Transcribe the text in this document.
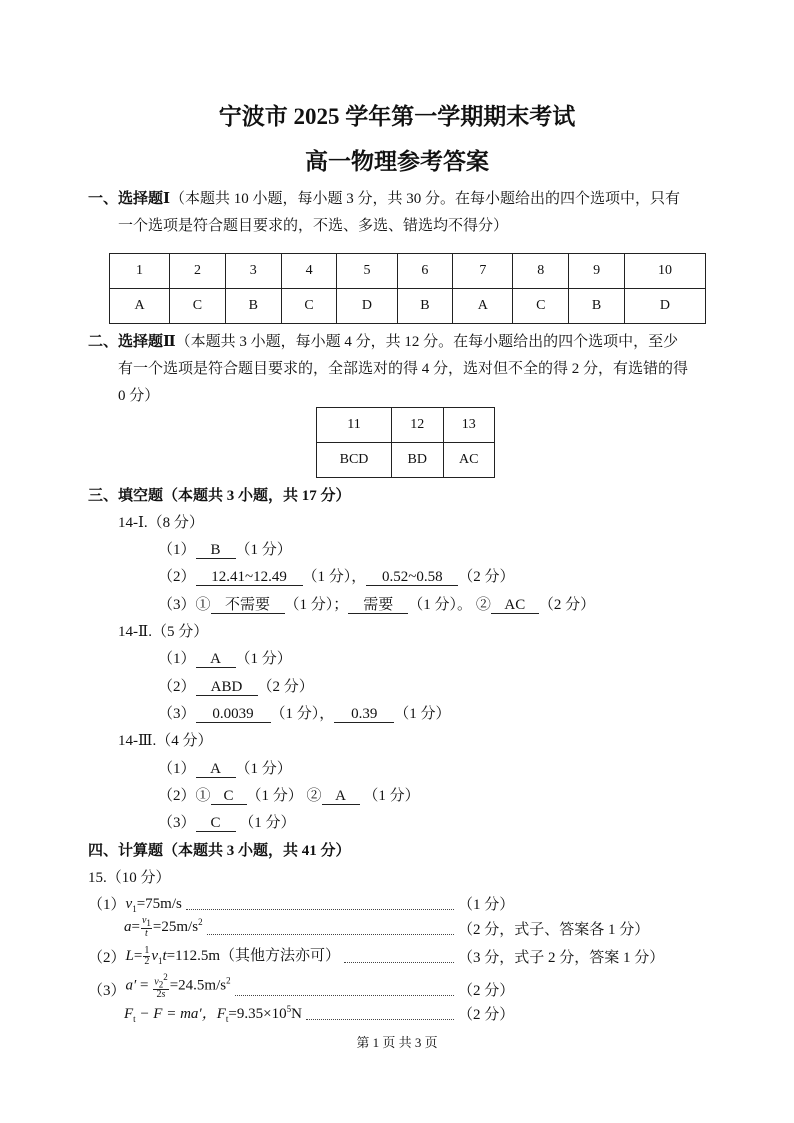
宁波市 2025 学年第一学期期末考试
高一物理参考答案
一、选择题Ⅰ（本题共 10 小题，每小题 3 分，共 30 分。在每小题给出的四个选项中，只有
一个选项是符合题目要求的，不选、多选、错选均不得分）
1	2	3	4	5	6	7	8	9	10
A	C	B	C	D	B	A	C	B	D
二、选择题Ⅱ（本题共 3 小题，每小题 4 分，共 12 分。在每小题给出的四个选项中，至少
有一个选项是符合题目要求的，全部选对的得 4 分，选对但不全的得 2 分，有选错的得
0 分）
11	12	13
BCD	BD	AC
三、填空题（本题共 3 小题，共 17 分）
14-Ⅰ.（8 分）
（1） B （1 分）
（2） 12.41~12.49 （1 分）， 0.52~0.58 （2 分）
（3）① 不需要 （1 分）； 需要 （1 分）。 ② AC （2 分）
14-Ⅱ.（5 分）
（1） A （1 分）
（2） ABD （2 分）
（3） 0.0039 （1 分）， 0.39 （1 分）
14-Ⅲ.（4 分）
（1） A （1 分）
（2）① C （1 分） ② A （1 分）
（3） C （1 分）
四、计算题（本题共 3 小题，共 41 分）
15.（10 分）
（1） $v_1=75m/s$	（1 分）
$a= \frac{v_1}{t} =25m/s^2$
（2 分，式子、答案各 1 分）
（2） $L= \frac{1}{2} v_1t=112.5m$（其他方法亦可）	（3 分，式子 2 分，答案 1 分）
（3） $a' = \frac{v_2^2}{2s} =24.5m/s^2$
（2 分）
$F_t - F = ma'$，$F_t=9.35\times 10^5N$	（2 分）
第 1 页 共 3 页
